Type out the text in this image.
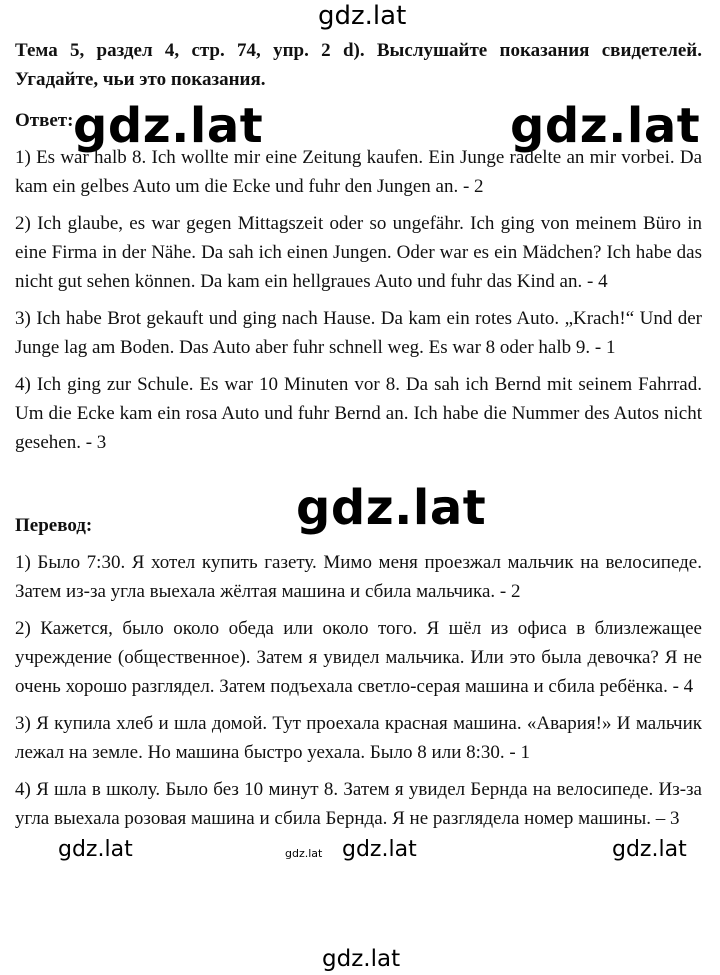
gdz.lat
gdz.lat	gdz.lat
gdz.lat
gdz.lat	gdz.lat gdz.lat	gdz.lat
gdz.lat

Тема 5, раздел 4, стр. 74, упр. 2 d). Выслушайте показания свидетелей. Угадайте, чьи это показания.

Ответ:

1) Es war halb 8. Ich wollte mir eine Zeitung kaufen. Ein Junge radelte an mir vorbei. Da kam ein gelbes Auto um die Ecke und fuhr den Jungen an. - 2

2) Ich glaube, es war gegen Mittagszeit oder so ungefähr. Ich ging von meinem Büro in eine Firma in der Nähe. Da sah ich einen Jungen. Oder war es ein Mädchen? Ich habe das nicht gut sehen können. Da kam ein hellgraues Auto und fuhr das Kind an. - 4

3) Ich habe Brot gekauft und ging nach Hause. Da kam ein rotes Auto. „Krach!“ Und der Junge lag am Boden. Das Auto aber fuhr schnell weg. Es war 8 oder halb 9. - 1

4) Ich ging zur Schule. Es war 10 Minuten vor 8. Da sah ich Bernd mit seinem Fahrrad. Um die Ecke kam ein rosa Auto und fuhr Bernd an. Ich habe die Nummer des Autos nicht gesehen. - 3

Перевод:

1) Было 7:30. Я хотел купить газету. Мимо меня проезжал мальчик на велосипеде. Затем из-за угла выехала жёлтая машина и сбила мальчика. - 2

2) Кажется, было около обеда или около того. Я шёл из офиса в близлежащее учреждение (общественное). Затем я увидел мальчика. Или это была девочка? Я не очень хорошо разглядел. Затем подъехала светло-серая машина и сбила ребёнка. - 4

3) Я купила хлеб и шла домой. Тут проехала красная машина. «Авария!» И мальчик лежал на земле. Но машина быстро уехала. Было 8 или 8:30. - 1

4) Я шла в школу. Было без 10 минут 8. Затем я увидел Бернда на велосипеде. Из-за угла выехала розовая машина и сбила Бернда. Я не разглядела номер машины. – 3
